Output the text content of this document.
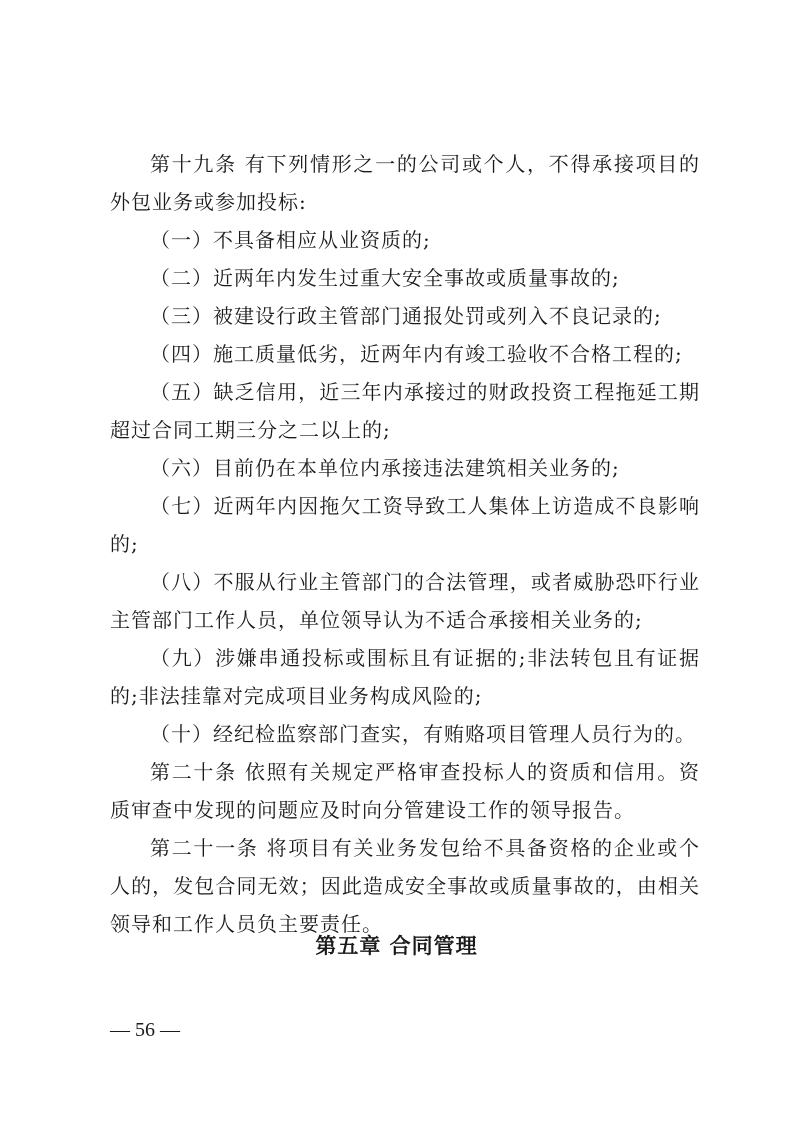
第十九条 有下列情形之一的公司或个人，不得承接项目的
外包业务或参加投标:
（一）不具备相应从业资质的;
（二）近两年内发生过重大安全事故或质量事故的;
（三）被建设行政主管部门通报处罚或列入不良记录的;
（四）施工质量低劣，近两年内有竣工验收不合格工程的;
（五）缺乏信用，近三年内承接过的财政投资工程拖延工期
超过合同工期三分之二以上的;
（六）目前仍在本单位内承接违法建筑相关业务的;
（七）近两年内因拖欠工资导致工人集体上访造成不良影响
的;
（八）不服从行业主管部门的合法管理，或者威胁恐吓行业
主管部门工作人员，单位领导认为不适合承接相关业务的;
（九）涉嫌串通投标或围标且有证据的;非法转包且有证据
的;非法挂靠对完成项目业务构成风险的;
（十）经纪检监察部门查实，有贿赂项目管理人员行为的。
第二十条 依照有关规定严格审查投标人的资质和信用。资
质审查中发现的问题应及时向分管建设工作的领导报告。
第二十一条 将项目有关业务发包给不具备资格的企业或个
人的，发包合同无效；因此造成安全事故或质量事故的，由相关
领导和工作人员负主要责任。
第五章 合同管理
— 56 —
